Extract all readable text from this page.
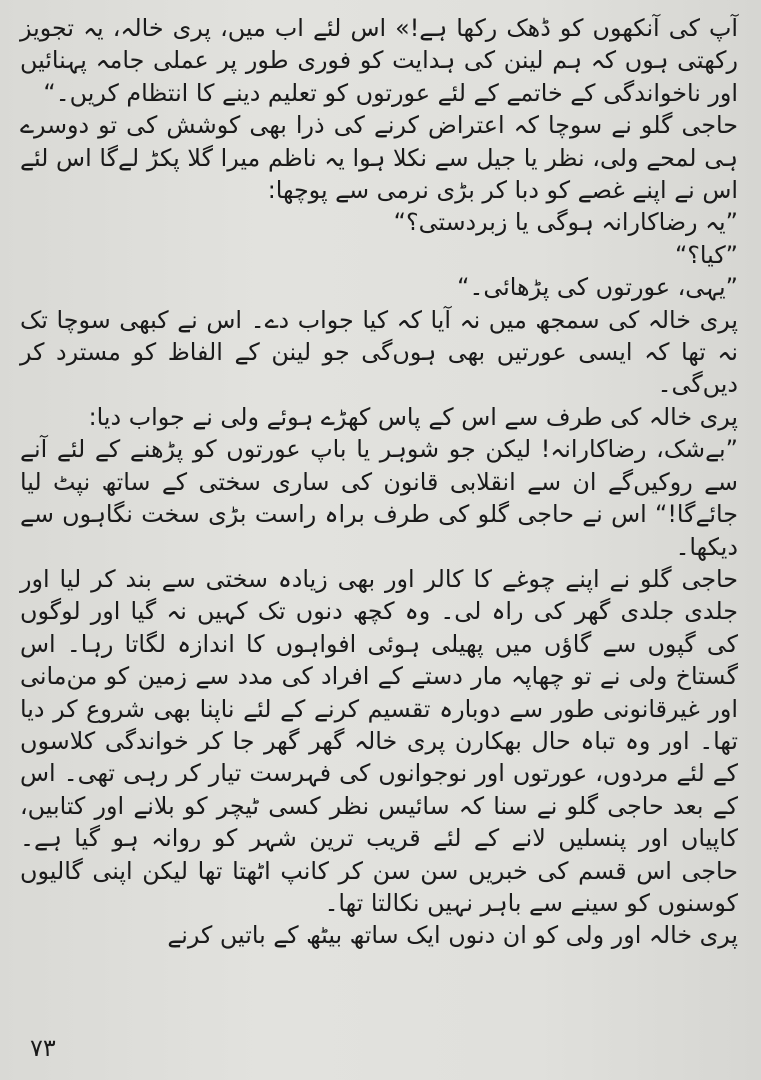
آپ کی آنکھوں کو ڈھک رکھا ہے!» اس لئے اب میں، پری خالہ، یہ تجویز رکھتی ہوں کہ ہم لینن کی ہدایت کو فوری طور پر عملی جامہ پہنائیں اور ناخواندگی کے خاتمے کے لئے عورتوں کو تعلیم دینے کا انتظام کریں۔“

حاجی گلو نے سوچا کہ اعتراض کرنے کی ذرا بھی کوشش کی تو دوسرے ہی لمحے ولی، نظر یا جیل سے نکلا ہوا یہ ناظم میرا گلا پکڑ لےگا اس لئے اس نے اپنے غصے کو دبا کر بڑی نرمی سے پوچھا:

”یہ رضاکارانہ ہوگی یا زبردستی؟“

”کیا؟“

”یہی، عورتوں کی پڑھائی۔“

پری خالہ کی سمجھ میں نہ آیا کہ کیا جواب دے۔ اس نے کبھی سوچا تک نہ تھا کہ ایسی عورتیں بھی ہوں‌گی جو لینن کے الفاظ کو مسترد کر دیں‌گی۔

پری خالہ کی طرف سے اس کے پاس کھڑے ہوئے ولی نے جواب دیا:

”بےشک، رضاکارانہ! لیکن جو شوہر یا باپ عورتوں کو پڑھنے کے لئے آنے سے روکیں‌گے ان سے انقلابی قانون کی ساری سختی کے ساتھ نپٹ لیا جائےگا!“ اس نے حاجی گلو کی طرف براہ راست بڑی سخت نگاہوں سے دیکھا۔

حاجی گلو نے اپنے چوغے کا کالر اور بھی زیادہ سختی سے بند کر لیا اور جلدی جلدی گھر کی راہ لی۔ وہ کچھ دنوں تک کہیں نہ گیا اور لوگوں کی گپوں سے گاؤں میں پھیلی ہوئی افواہوں کا اندازہ لگاتا رہا۔ اس گستاخ ولی نے تو چھاپہ مار دستے کے افراد کی مدد سے زمین کو من‌مانی اور غیرقانونی طور سے دوبارہ تقسیم کرنے کے لئے ناپنا بھی شروع کر دیا تھا۔ اور وہ تباہ حال بھکارن پری خالہ گھر گھر جا کر خواندگی کلاسوں کے لئے مردوں، عورتوں اور نوجوانوں کی فہرست تیار کر رہی تھی۔ اس کے بعد حاجی گلو نے سنا کہ سائیس نظر کسی ٹیچر کو بلانے اور کتابیں، کاپیاں اور پنسلیں لانے کے لئے قریب ترین شہر کو روانہ ہو گیا ہے۔ حاجی اس قسم کی خبریں سن سن کر کانپ اٹھتا تھا لیکن اپنی گالیوں کوسنوں کو سینے سے باہر نہیں نکالتا تھا۔

پری خالہ اور ولی کو ان دنوں ایک ساتھ بیٹھ کے باتیں کرنے

۷۳
